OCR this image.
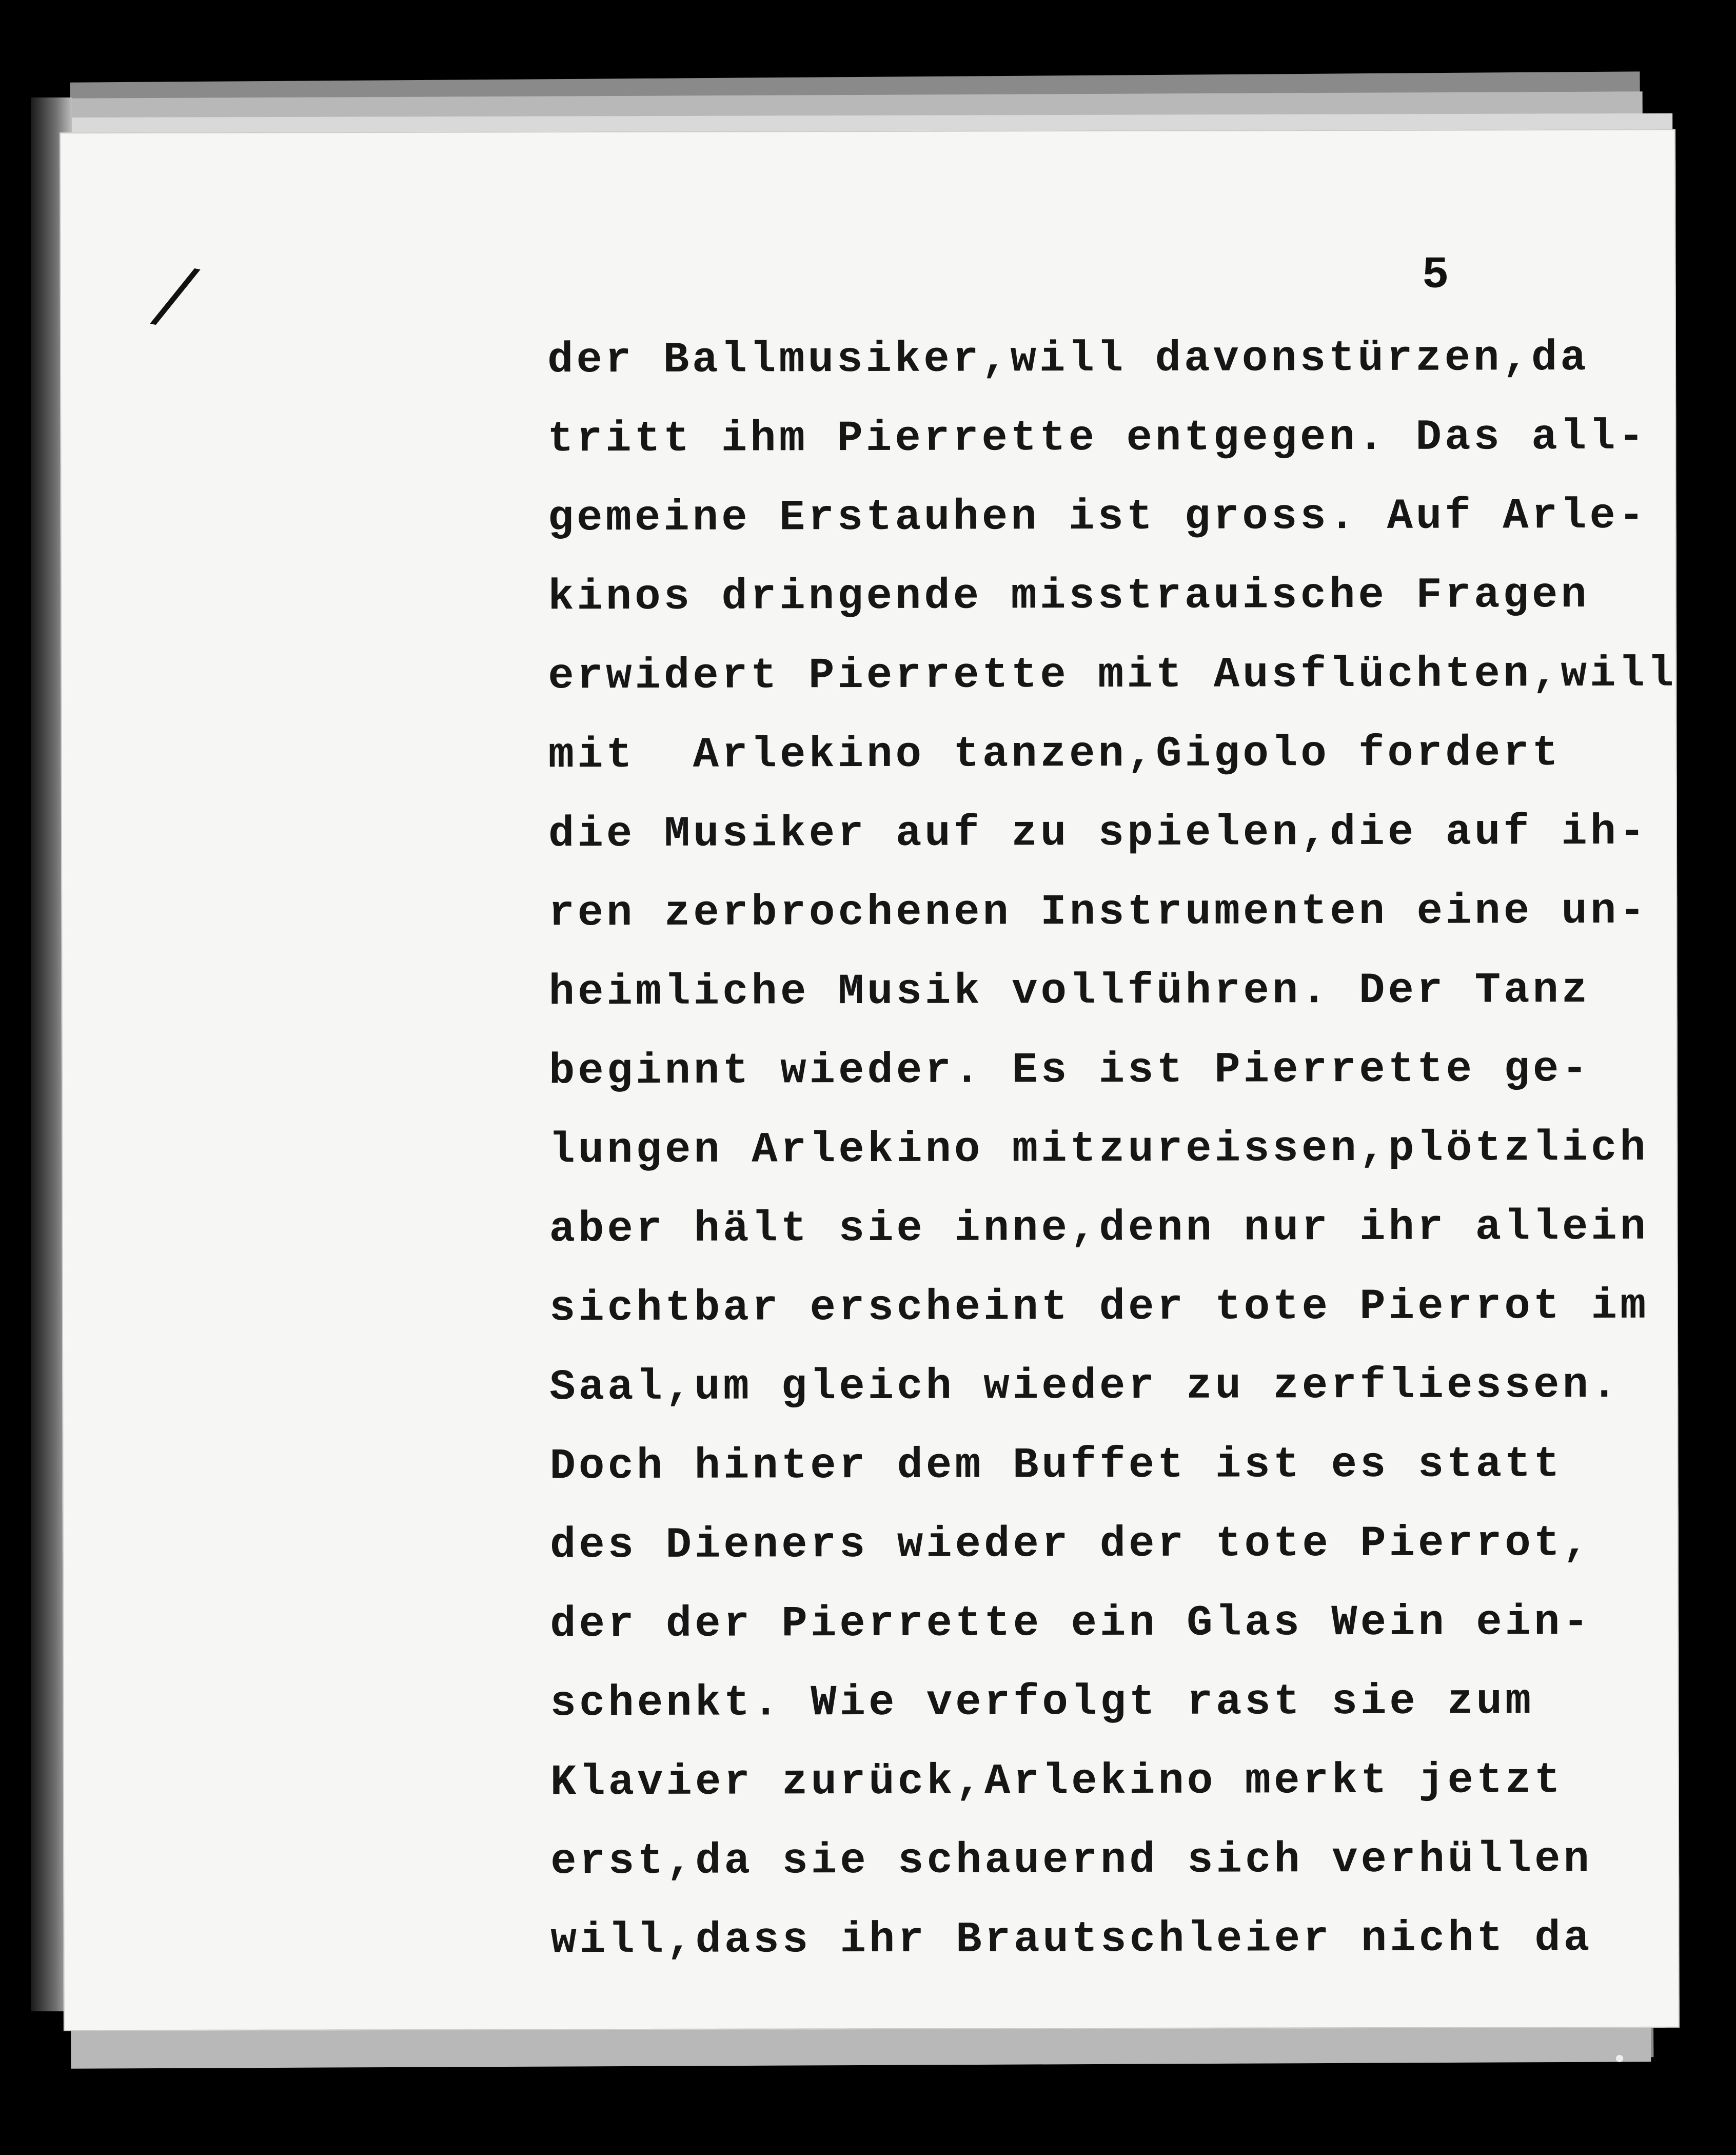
/	5
der Ballmusiker,will davonstürzen,da
tritt ihm Pierrette entgegen. Das all-
gemeine Erstauhen ist gross. Auf Arle-
kinos dringende misstrauische Fragen
erwidert Pierrette mit Ausflüchten,will
mit  Arlekino tanzen,Gigolo fordert
die Musiker auf zu spielen,die auf ih-
ren zerbrochenen Instrumenten eine un-
heimliche Musik vollführen. Der Tanz
beginnt wieder. Es ist Pierrette ge-
lungen Arlekino mitzureissen,plötzlich
aber hält sie inne,denn nur ihr allein
sichtbar erscheint der tote Pierrot im
Saal,um gleich wieder zu zerfliessen.
Doch hinter dem Buffet ist es statt
des Dieners wieder der tote Pierrot,
der der Pierrette ein Glas Wein ein-
schenkt. Wie verfolgt rast sie zum
Klavier zurück,Arlekino merkt jetzt
erst,da sie schauernd sich verhüllen
will,dass ihr Brautschleier nicht da
